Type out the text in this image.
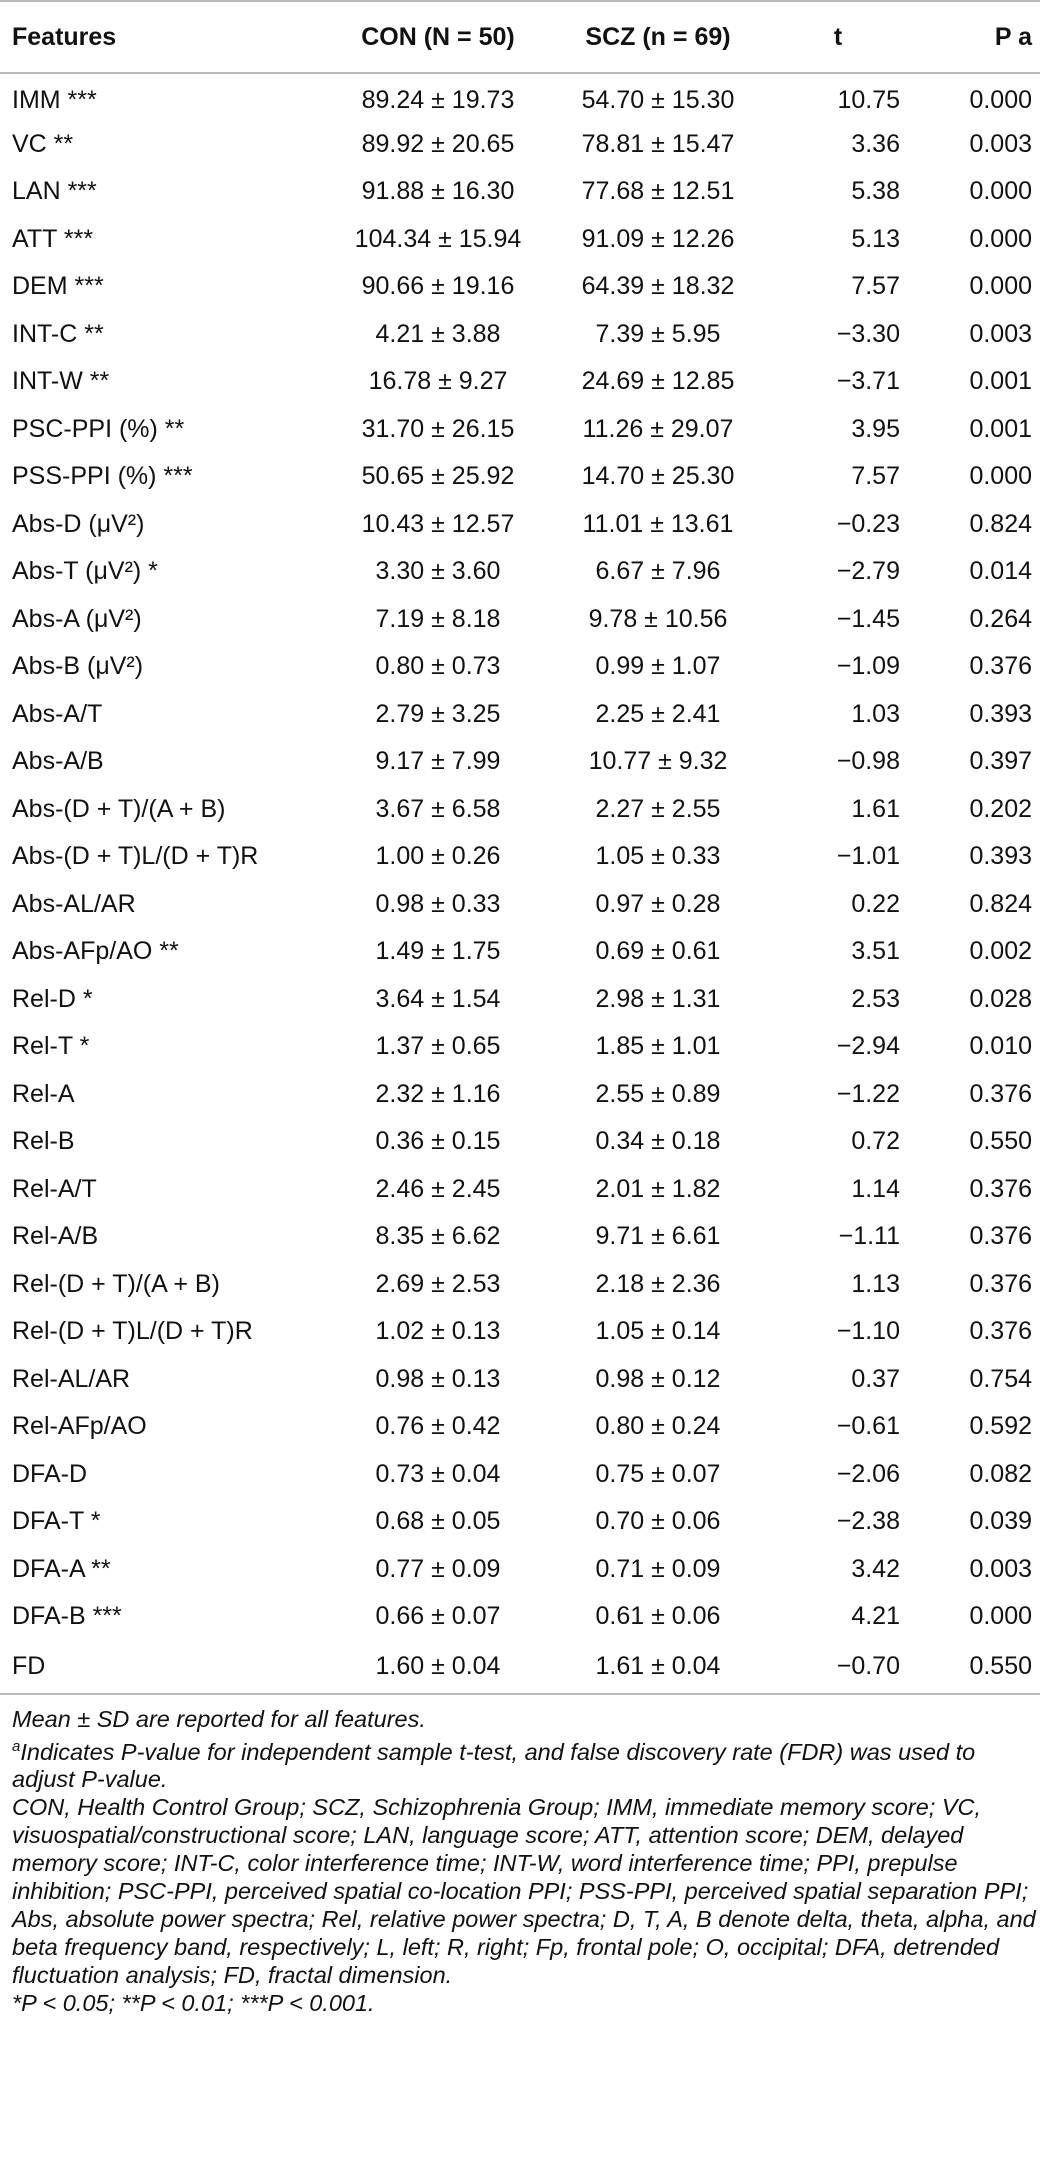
Features	CON (N = 50)	SCZ (n = 69)	t	P a
IMM ***	89.24 ± 19.73	54.70 ± 15.30	10.75	0.000
VC **	89.92 ± 20.65	78.81 ± 15.47	3.36	0.003
LAN ***	91.88 ± 16.30	77.68 ± 12.51	5.38	0.000
ATT ***	104.34 ± 15.94	91.09 ± 12.26	5.13	0.000
DEM ***	90.66 ± 19.16	64.39 ± 18.32	7.57	0.000
INT-C **	4.21 ± 3.88	7.39 ± 5.95	−3.30	0.003
INT-W **	16.78 ± 9.27	24.69 ± 12.85	−3.71	0.001
PSC-PPI (%) **	31.70 ± 26.15	11.26 ± 29.07	3.95	0.001
PSS-PPI (%) ***	50.65 ± 25.92	14.70 ± 25.30	7.57	0.000
Abs-D (μV²)	10.43 ± 12.57	11.01 ± 13.61	−0.23	0.824
Abs-T (μV²) *	3.30 ± 3.60	6.67 ± 7.96	−2.79	0.014
Abs-A (μV²)	7.19 ± 8.18	9.78 ± 10.56	−1.45	0.264
Abs-B (μV²)	0.80 ± 0.73	0.99 ± 1.07	−1.09	0.376
Abs-A/T	2.79 ± 3.25	2.25 ± 2.41	1.03	0.393
Abs-A/B	9.17 ± 7.99	10.77 ± 9.32	−0.98	0.397
Abs-(D + T)/(A + B)	3.67 ± 6.58	2.27 ± 2.55	1.61	0.202
Abs-(D + T)L/(D + T)R	1.00 ± 0.26	1.05 ± 0.33	−1.01	0.393
Abs-AL/AR	0.98 ± 0.33	0.97 ± 0.28	0.22	0.824
Abs-AFp/AO **	1.49 ± 1.75	0.69 ± 0.61	3.51	0.002
Rel-D *	3.64 ± 1.54	2.98 ± 1.31	2.53	0.028
Rel-T *	1.37 ± 0.65	1.85 ± 1.01	−2.94	0.010
Rel-A	2.32 ± 1.16	2.55 ± 0.89	−1.22	0.376
Rel-B	0.36 ± 0.15	0.34 ± 0.18	0.72	0.550
Rel-A/T	2.46 ± 2.45	2.01 ± 1.82	1.14	0.376
Rel-A/B	8.35 ± 6.62	9.71 ± 6.61	−1.11	0.376
Rel-(D + T)/(A + B)	2.69 ± 2.53	2.18 ± 2.36	1.13	0.376
Rel-(D + T)L/(D + T)R	1.02 ± 0.13	1.05 ± 0.14	−1.10	0.376
Rel-AL/AR	0.98 ± 0.13	0.98 ± 0.12	0.37	0.754
Rel-AFp/AO	0.76 ± 0.42	0.80 ± 0.24	−0.61	0.592
DFA-D	0.73 ± 0.04	0.75 ± 0.07	−2.06	0.082
DFA-T *	0.68 ± 0.05	0.70 ± 0.06	−2.38	0.039
DFA-A **	0.77 ± 0.09	0.71 ± 0.09	3.42	0.003
DFA-B ***	0.66 ± 0.07	0.61 ± 0.06	4.21	0.000
FD	1.60 ± 0.04	1.61 ± 0.04	−0.70	0.550

Mean ± SD are reported for all features.

$^a$Indicates P-value for independent sample t-test, and false discovery rate (FDR) was used to adjust P-value.

CON, Health Control Group; SCZ, Schizophrenia Group; IMM, immediate memory score; VC, visuospatial/constructional score; LAN, language score; ATT, attention score; DEM, delayed memory score; INT-C, color interference time; INT-W, word interference time; PPI, prepulse inhibition; PSC-PPI, perceived spatial co-location PPI; PSS-PPI, perceived spatial separation PPI; Abs, absolute power spectra; Rel, relative power spectra; D, T, A, B denote delta, theta, alpha, and beta frequency band, respectively; L, left; R, right; Fp, frontal pole; O, occipital; DFA, detrended fluctuation analysis; FD, fractal dimension.

*P < 0.05; **P < 0.01; ***P < 0.001.
